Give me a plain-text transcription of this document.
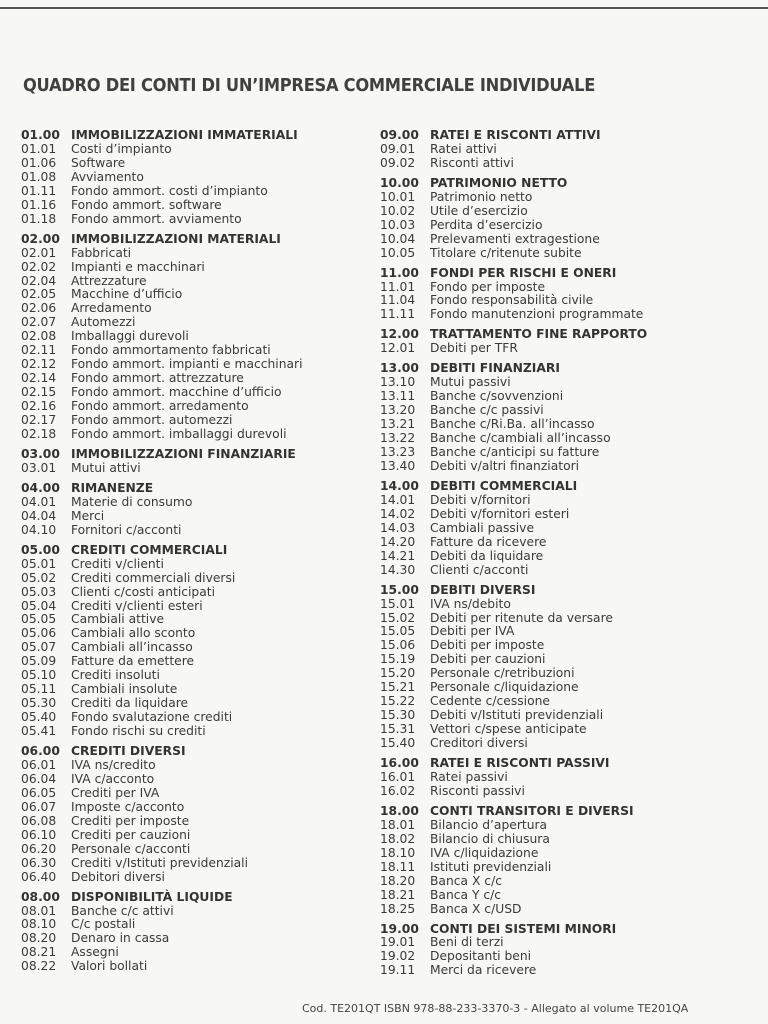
QUADRO DEI CONTI DI UN’IMPRESA COMMERCIALE INDIVIDUALE
01.00 IMMOBILIZZAZIONI IMMATERIALI
01.01	Costi d’impianto
01.06	Software
01.08	Avviamento
01.11	Fondo ammort. costi d’impianto
01.16	Fondo ammort. software
01.18	Fondo ammort. avviamento
02.00 IMMOBILIZZAZIONI MATERIALI
02.01	Fabbricati
02.02	Impianti e macchinari
02.04	Attrezzature
02.05	Macchine d’ufficio
02.06	Arredamento
02.07	Automezzi
02.08	Imballaggi durevoli
02.11	Fondo ammortamento fabbricati
02.12	Fondo ammort. impianti e macchinari
02.14	Fondo ammort. attrezzature
02.15	Fondo ammort. macchine d’ufficio
02.16	Fondo ammort. arredamento
02.17	Fondo ammort. automezzi
02.18	Fondo ammort. imballaggi durevoli
03.00 IMMOBILIZZAZIONI FINANZIARIE
03.01	Mutui attivi
04.00 RIMANENZE
04.01	Materie di consumo
04.04	Merci
04.10	Fornitori c/acconti
05.00 CREDITI COMMERCIALI
05.01	Crediti v/clienti
05.02	Crediti commerciali diversi
05.03	Clienti c/costi anticipati
05.04	Crediti v/clienti esteri
05.05	Cambiali attive
05.06	Cambiali allo sconto
05.07	Cambiali all’incasso
05.09	Fatture da emettere
05.10	Crediti insoluti
05.11	Cambiali insolute
05.30	Crediti da liquidare
05.40	Fondo svalutazione crediti
05.41	Fondo rischi su crediti
06.00 CREDITI DIVERSI
06.01	IVA ns/credito
06.04	IVA c/acconto
06.05	Crediti per IVA
06.07	Imposte c/acconto
06.08	Crediti per imposte
06.10	Crediti per cauzioni
06.20	Personale c/acconti
06.30	Crediti v/Istituti previdenziali
06.40	Debitori diversi
08.00 DISPONIBILITÀ LIQUIDE
08.01	Banche c/c attivi
08.10	C/c postali
08.20	Denaro in cassa
08.21	Assegni
08.22	Valori bollati
09.00 RATEI E RISCONTI ATTIVI
09.01	Ratei attivi
09.02	Risconti attivi
10.00 PATRIMONIO NETTO
10.01	Patrimonio netto
10.02	Utile d’esercizio
10.03	Perdita d’esercizio
10.04	Prelevamenti extragestione
10.05	Titolare c/ritenute subite
11.00 FONDI PER RISCHI E ONERI
11.01	Fondo per imposte
11.04	Fondo responsabilità civile
11.11	Fondo manutenzioni programmate
12.00 TRATTAMENTO FINE RAPPORTO
12.01	Debiti per TFR
13.00 DEBITI FINANZIARI
13.10	Mutui passivi
13.11	Banche c/sovvenzioni
13.20	Banche c/c passivi
13.21	Banche c/Ri.Ba. all’incasso
13.22	Banche c/cambiali all’incasso
13.23	Banche c/anticipi su fatture
13.40	Debiti v/altri finanziatori
14.00 DEBITI COMMERCIALI
14.01	Debiti v/fornitori
14.02	Debiti v/fornitori esteri
14.03	Cambiali passive
14.20	Fatture da ricevere
14.21	Debiti da liquidare
14.30	Clienti c/acconti
15.00 DEBITI DIVERSI
15.01	IVA ns/debito
15.02	Debiti per ritenute da versare
15.05	Debiti per IVA
15.06	Debiti per imposte
15.19	Debiti per cauzioni
15.20	Personale c/retribuzioni
15.21	Personale c/liquidazione
15.22	Cedente c/cessione
15.30	Debiti v/Istituti previdenziali
15.31	Vettori c/spese anticipate
15.40	Creditori diversi
16.00 RATEI E RISCONTI PASSIVI
16.01	Ratei passivi
16.02	Risconti passivi
18.00 CONTI TRANSITORI E DIVERSI
18.01	Bilancio d’apertura
18.02	Bilancio di chiusura
18.10	IVA c/liquidazione
18.11	Istituti previdenziali
18.20	Banca X c/c
18.21	Banca Y c/c
18.25	Banca X c/USD
19.00 CONTI DEI SISTEMI MINORI
19.01	Beni di terzi
19.02	Depositanti beni
19.11	Merci da ricevere
Cod. TE201QT ISBN 978-88-233-3370-3 - Allegato al volume TE201QA
